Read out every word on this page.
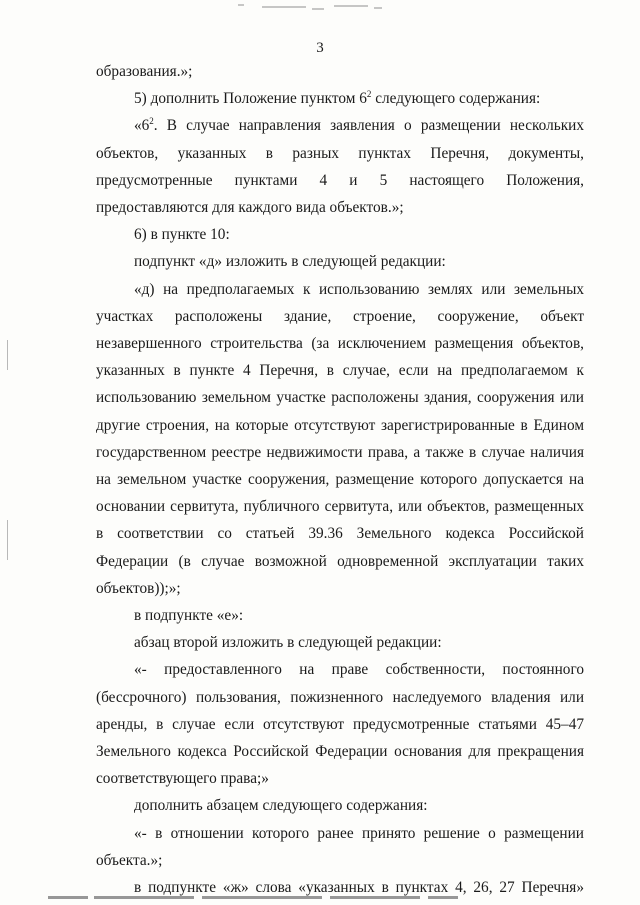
3

образования.»;

5) дополнить Положение пунктом $6^2$ следующего содержания:

«$6^2$. В случае направления заявления о размещении нескольких объектов, указанных в разных пунктах Перечня, документы, предусмотренные пунктами 4 и 5 настоящего Положения, предоставляются для каждого вида объектов.»;

6) в пункте 10:

подпункт «д» изложить в следующей редакции:

«д) на предполагаемых к использованию землях или земельных участках расположены здание, строение, сооружение, объект незавершенного строительства (за исключением размещения объектов, указанных в пункте 4 Перечня, в случае, если на предполагаемом к использованию земельном участке расположены здания, сооружения или другие строения, на которые отсутствуют зарегистрированные в Едином государственном реестре недвижимости права, а также в случае наличия на земельном участке сооружения, размещение которого допускается на основании сервитута, публичного сервитута, или объектов, размещенных в соответствии со статьей 39.36 Земельного кодекса Российской Федерации (в случае возможной одновременной эксплуатации таких объектов));»;

в подпункте «е»:

абзац второй изложить в следующей редакции:

«- предоставленного на праве собственности, постоянного (бессрочного) пользования, пожизненного наследуемого владения или аренды, в случае если отсутствуют предусмотренные статьями 45–47 Земельного кодекса Российской Федерации основания для прекращения соответствующего права;»

дополнить абзацем следующего содержания:

«- в отношении которого ранее принято решение о размещении объекта.»;

в подпункте «ж» слова «указанных в пунктах 4, 26, 27 Перечня»
